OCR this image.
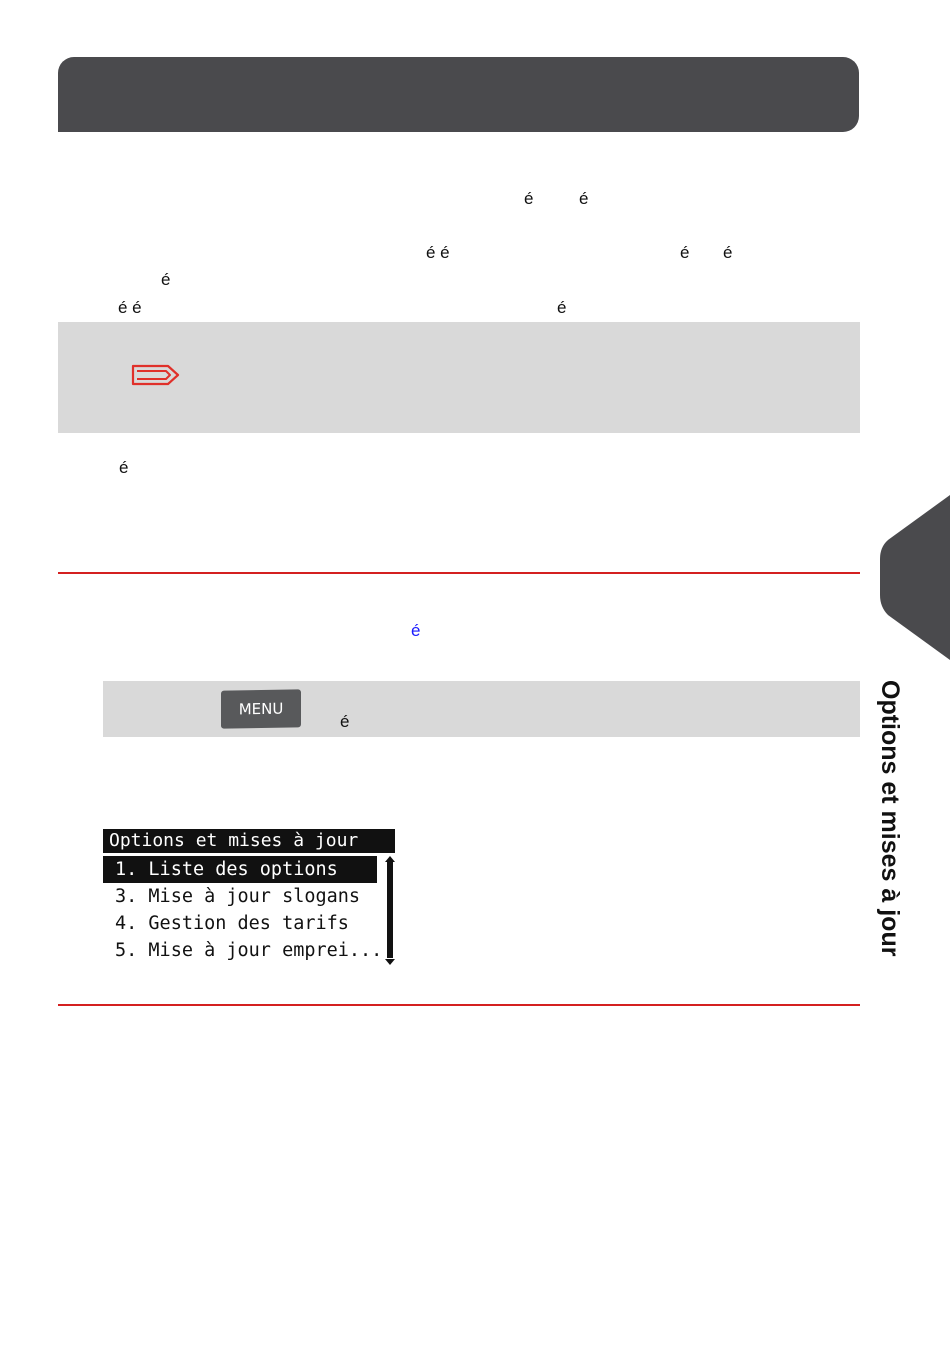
é	é
é é	é é
é
é é	é
é
é
MENU
é
Options et mises à jour
1. Liste des options
3. Mise à jour slogans
4. Gestion des tarifs
5. Mise à jour emprei...	Options et mises à jour
